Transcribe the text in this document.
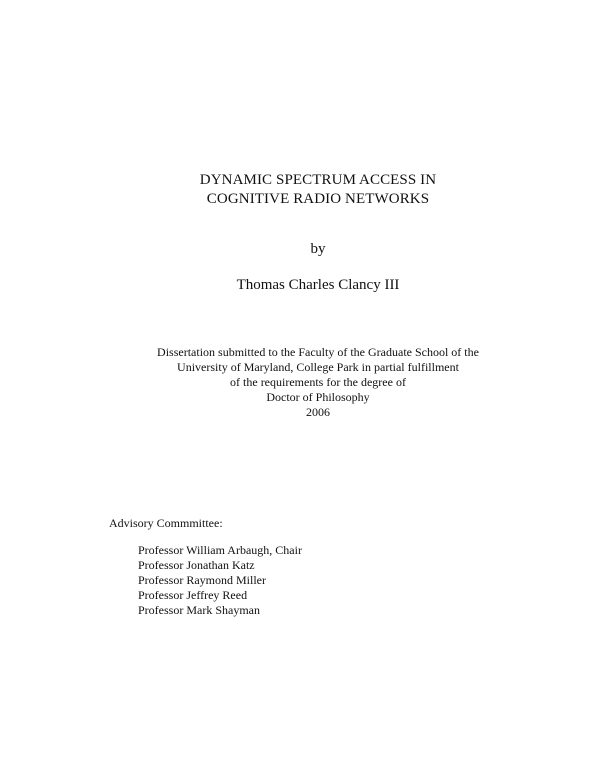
DYNAMIC SPECTRUM ACCESS IN
COGNITIVE RADIO NETWORKS
by
Thomas Charles Clancy III
Dissertation submitted to the Faculty of the Graduate School of the
University of Maryland, College Park in partial fulfillment
of the requirements for the degree of
Doctor of Philosophy
2006
Advisory Commmittee:
Professor William Arbaugh, Chair
Professor Jonathan Katz
Professor Raymond Miller
Professor Jeffrey Reed
Professor Mark Shayman
